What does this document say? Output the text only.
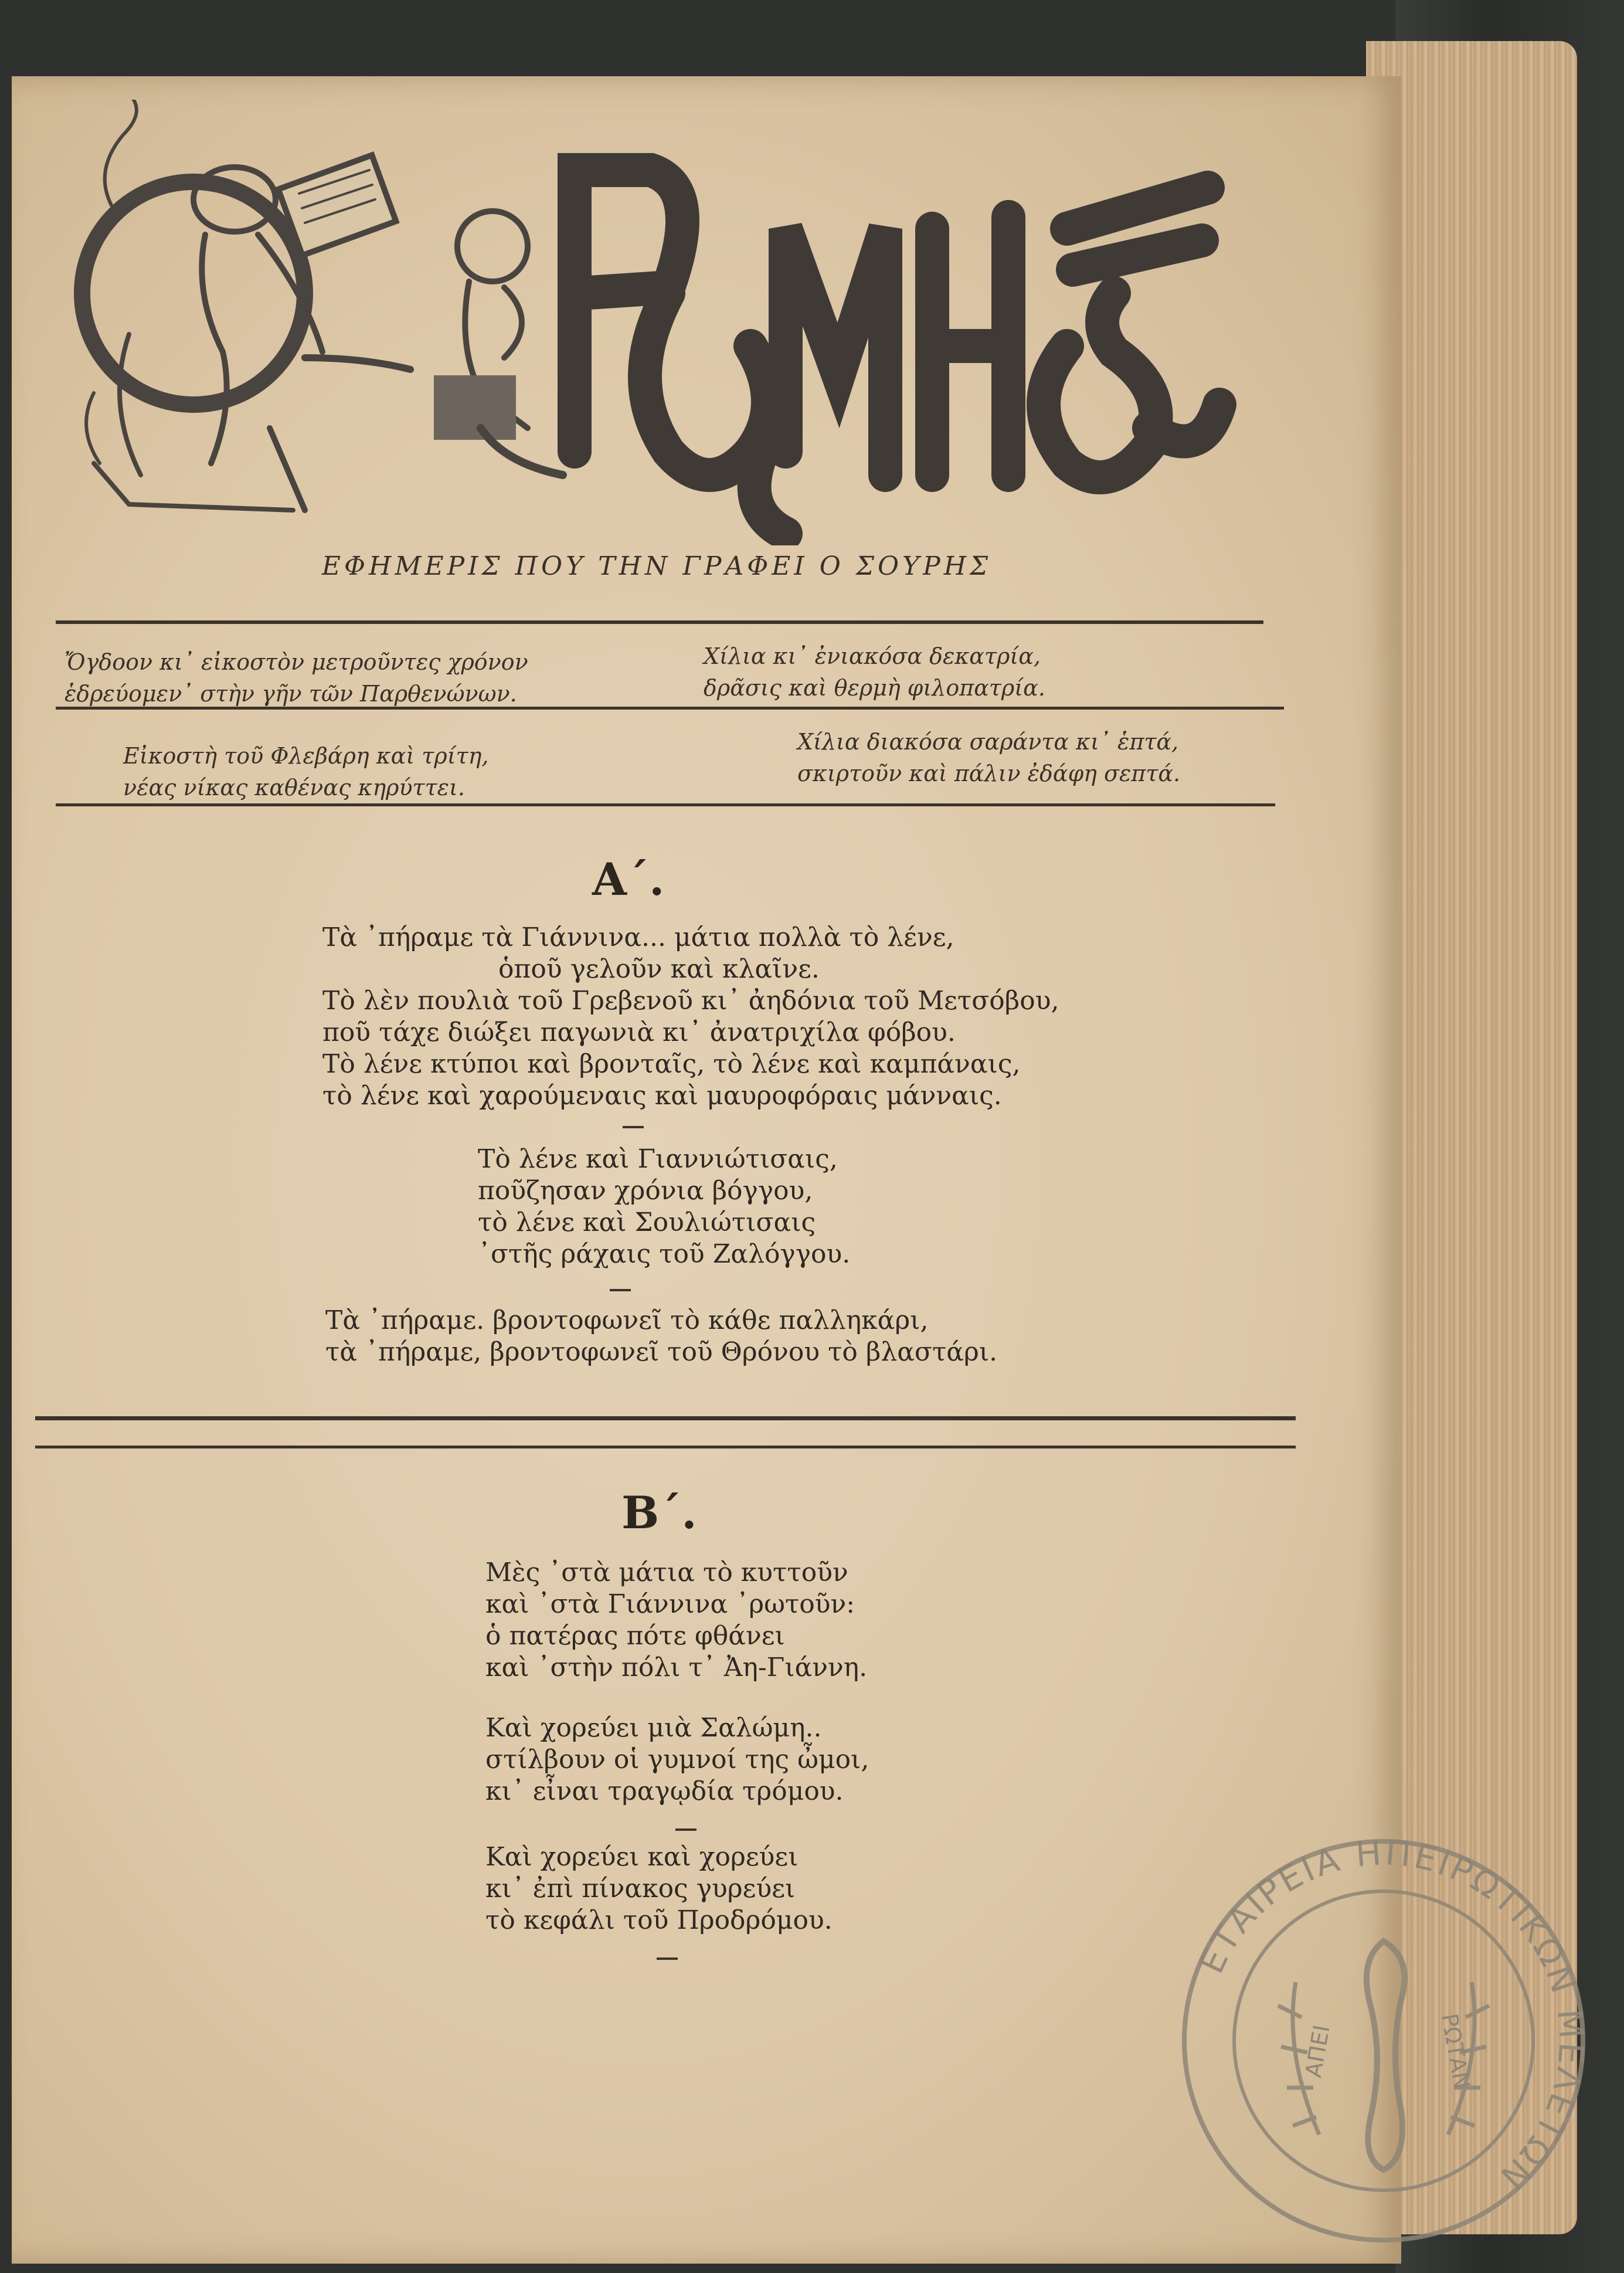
ΕΦΗΜΕΡΙΣ ΠΟΥ ΤΗΝ ΓΡΑΦΕΙ Ο ΣΟΥΡΗΣ
Ὄγδοον κι᾽ εἰκοστὸν μετροῦντες χρόνον
ἑδρεύομεν᾽ στὴν γῆν τῶν Παρθενώνων.
Χίλια κι᾽ ἐνιακόσα δεκατρία,
δρᾶσις καὶ θερμὴ φιλοπατρία.
Εἰκοστὴ τοῦ Φλεβάρη καὶ τρίτη,
νέας νίκας καθένας κηρύττει.
Χίλια διακόσα σαράντα κι᾽ ἑπτά,
σκιρτοῦν καὶ πάλιν ἐδάφη σεπτά.
Α΄.
Τὰ ᾽πήραμε τὰ Γιάννινα... μάτια πολλὰ τὸ λένε,
ὁποῦ γελοῦν καὶ κλαῖνε.
Τὸ λὲν πουλιὰ τοῦ Γρεβενοῦ κι᾽ ἀηδόνια τοῦ Μετσόβου,
ποῦ τάχε διώξει παγωνιὰ κι᾽ ἀνατριχίλα φόβου.
Τὸ λένε κτύποι καὶ βρονταῖς, τὸ λένε καὶ καμπάναις,
τὸ λένε καὶ χαρούμεναις καὶ μαυροφόραις μάνναις.
Τὸ λένε καὶ Γιαννιώτισαις,
ποῦζησαν χρόνια βόγγου,
τὸ λένε καὶ Σουλιώτισαις
᾽στῆς ράχαις τοῦ Ζαλόγγου.
Τὰ ᾽πήραμε. βροντοφωνεῖ τὸ κάθε παλληκάρι,
τὰ ᾽πήραμε, βροντοφωνεῖ τοῦ Θρόνου τὸ βλαστάρι.
Β΄.
Μὲς ᾽στὰ μάτια τὸ κυττοῦν
καὶ ᾽στὰ Γιάννινα ᾽ρωτοῦν:
ὁ πατέρας πότε φθάνει
καὶ ᾽στὴν πόλι τ᾽ Ἀη-Γιάννη.
Καὶ χορεύει μιὰ Σαλώμη..
στίλβουν οἱ γυμνοί της ὦμοι,
κι᾽ εἶναι τραγῳδία τρόμου.
Καὶ χορεύει καὶ χορεύει
κι᾽ ἐπὶ πίνακος γυρεύει
τὸ κεφάλι τοῦ Προδρόμου.
ΕΤΑΙΡΕΙΑ ΗΠΕΙΡΩΤΙΚΩΝ ΜΕΛΕΤΩΝ
ΑΠΕΙ	ΡΩΤΑΝ
